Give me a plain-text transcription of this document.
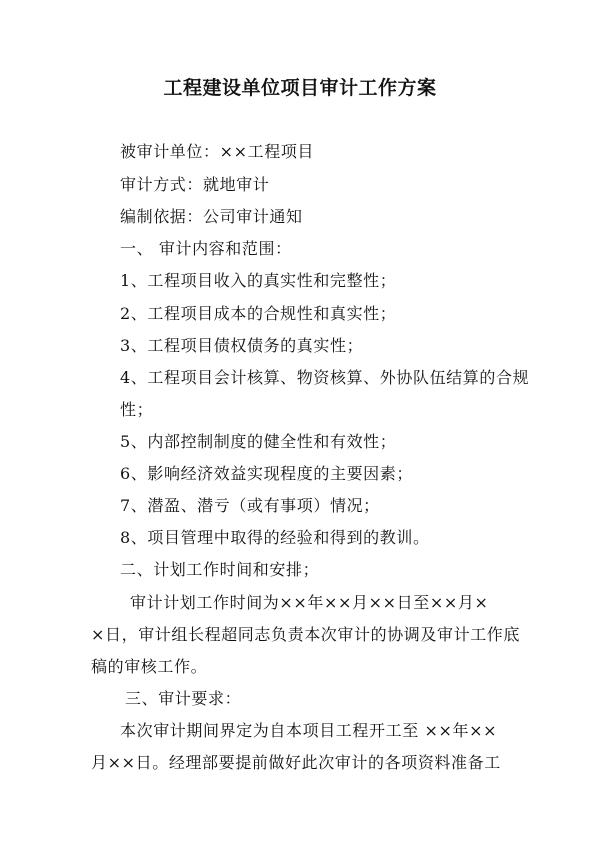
工程建设单位项目审计工作方案
被审计单位：××工程项目
审计方式：就地审计
编制依据：公司审计通知
一、 审计内容和范围：
1、工程项目收入的真实性和完整性；
2、工程项目成本的合规性和真实性；
3、工程项目债权债务的真实性；
4、工程项目会计核算、物资核算、外协队伍结算的合规
性；
5、内部控制制度的健全性和有效性；
6、影响经济效益实现程度的主要因素；
7、潜盈、潜亏（或有事项）情况；
8、项目管理中取得的经验和得到的教训。
二、计划工作时间和安排；
审计计划工作时间为××年××月××日至××月×
×日，审计组长程超同志负责本次审计的协调及审计工作底
稿的审核工作。
三、审计要求：
本次审计期间界定为自本项目工程开工至 ××年××
月××日。经理部要提前做好此次审计的各项资料准备工
